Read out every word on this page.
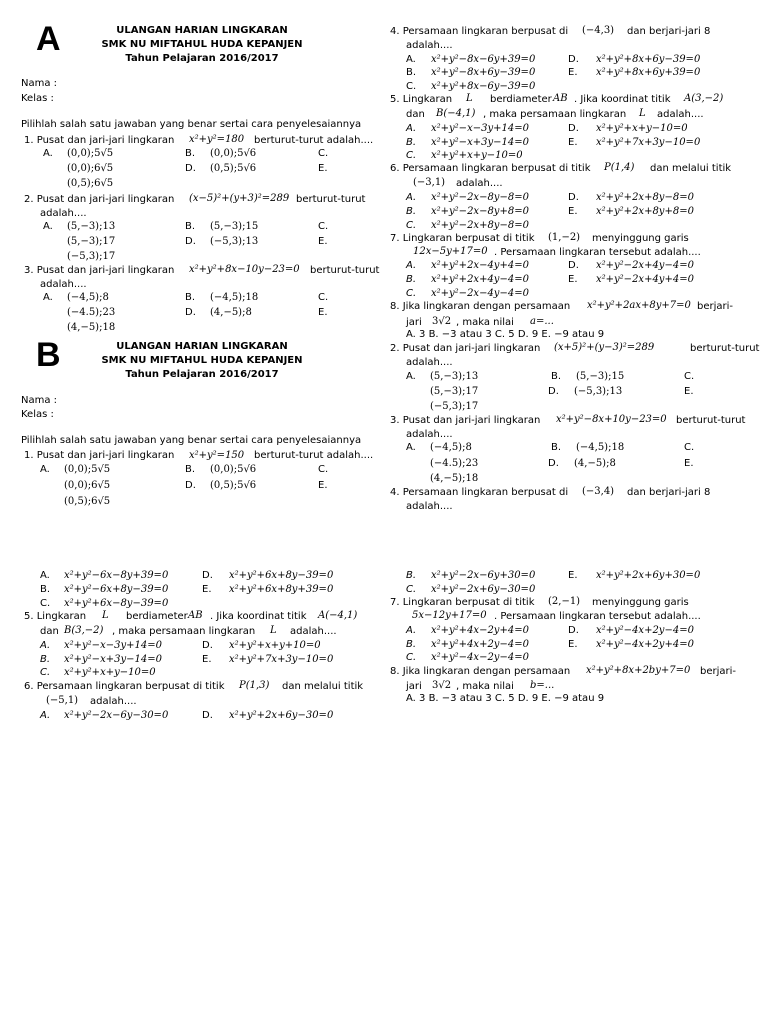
A	ULANGAN HARIAN LINGKARAN
SMK NU MIFTAHUL HUDA KEPANJEN
Tahun Pelajaran 2016/2017
Nama :
Kelas :
Pilihlah salah satu jawaban yang benar sertai cara penyelesaiannya
1. Pusat dan jari-jari lingkaran x²+y²=180 berturut-turut adalah....
A. (0,0);5√5	B. (0,0);5√6	C.
(0,0);6√5	D. (0,5);5√6	E.
(0,5);6√5
2. Pusat dan jari-jari lingkaran (x−5)²+(y+3)²=289 berturut-turut
adalah....
A. (5,−3);13	B. (5,−3);15	C.
(5,−3);17	D. (−5,3);13	E.
(−5,3);17
3. Pusat dan jari-jari lingkaran x²+y²+8x−10y−23=0 berturut-turut
adalah....
A. (−4,5);8	B. (−4,5);18	C.
(−4.5);23	D. (4,−5);8	E.
(4,−5);18
B	ULANGAN HARIAN LINGKARAN
SMK NU MIFTAHUL HUDA KEPANJEN
Tahun Pelajaran 2016/2017
Nama :
Kelas :
Pilihlah salah satu jawaban yang benar sertai cara penyelesaiannya
1. Pusat dan jari-jari lingkaran x²+y²=150 berturut-turut adalah....
A. (0,0);5√5	B. (0,0);5√6	C.
(0,0);6√5	D. (0,5);5√6	E.
(0,5);6√5
A. x²+y²−6x−8y+39=0	D. x²+y²+6x+8y−39=0
B. x²+y²−6x+8y−39=0	E. x²+y²+6x+8y+39=0
C. x²+y²+6x−8y−39=0
5. Lingkaran L berdiameter AB . Jika koordinat titik A(−4,1)
dan B(3,−2) , maka persamaan lingkaran L adalah....
A. x²+y²−x−3y+14=0	D. x²+y²+x+y+10=0
B. x²+y²−x+3y−14=0	E. x²+y²+7x+3y−10=0
C. x²+y²+x+y−10=0
6. Persamaan lingkaran berpusat di titik P(1,3) dan melalui titik
(−5,1) adalah....
A. x²+y²−2x−6y−30=0	D. x²+y²+2x+6y−30=0
4. Persamaan lingkaran berpusat di (−4,3) dan berjari-jari 8
adalah....
A. x²+y²−8x−6y+39=0	D. x²+y²+8x+6y−39=0
B. x²+y²−8x+6y−39=0	E. x²+y²+8x+6y+39=0
C. x²+y²+8x−6y−39=0
5. Lingkaran L berdiameter AB . Jika koordinat titik A(3,−2)
dan B(−4,1) , maka persamaan lingkaran L adalah....
A. x²+y²−x−3y+14=0	D. x²+y²+x+y−10=0
B. x²+y²−x+3y−14=0	E. x²+y²+7x+3y−10=0
C. x²+y²+x+y−10=0
6. Persamaan lingkaran berpusat di titik P(1,4) dan melalui titik
(−3,1) adalah....
A. x²+y²−2x−8y−8=0	D. x²+y²+2x+8y−8=0
B. x²+y²−2x−8y+8=0	E. x²+y²+2x+8y+8=0
C. x²+y²−2x+8y−8=0
7. Lingkaran berpusat di titik (1,−2) menyinggung garis
12x−5y+17=0 . Persamaan lingkaran tersebut adalah....
A. x²+y²+2x−4y+4=0	D. x²+y²−2x+4y−4=0
B. x²+y²+2x+4y−4=0	E. x²+y²−2x+4y+4=0
C. x²+y²−2x−4y−4=0
8. Jika lingkaran dengan persamaan x²+y²+2ax+8y+7=0 berjari-
jari 3√2 , maka nilai a=...
A. 3 B. −3 atau 3 C. 5 D. 9 E. −9 atau 9
2. Pusat dan jari-jari lingkaran (x+5)²+(y−3)²=289	berturut-turut
adalah....
A. (5,−3);13	B. (5,−3);15	C.
(5,−3);17	D. (−5,3);13	E.
(−5,3);17
3. Pusat dan jari-jari lingkaran x²+y²−8x+10y−23=0 berturut-turut
adalah....
A. (−4,5);8	B. (−4,5);18	C.
(−4.5);23	D. (4,−5);8	E.
(4,−5);18
4. Persamaan lingkaran berpusat di (−3,4) dan berjari-jari 8
adalah....
B. x²+y²−2x−6y+30=0	E. x²+y²+2x+6y+30=0
C. x²+y²−2x+6y−30=0
7. Lingkaran berpusat di titik (2,−1) menyinggung garis
5x−12y+17=0 . Persamaan lingkaran tersebut adalah....
A. x²+y²+4x−2y+4=0	D. x²+y²−4x+2y−4=0
B. x²+y²+4x+2y−4=0	E. x²+y²−4x+2y+4=0
C. x²+y²−4x−2y−4=0
8. Jika lingkaran dengan persamaan x²+y²+8x+2by+7=0 berjari-
jari 3√2 , maka nilai b=...
A. 3 B. −3 atau 3 C. 5 D. 9 E. −9 atau 9
